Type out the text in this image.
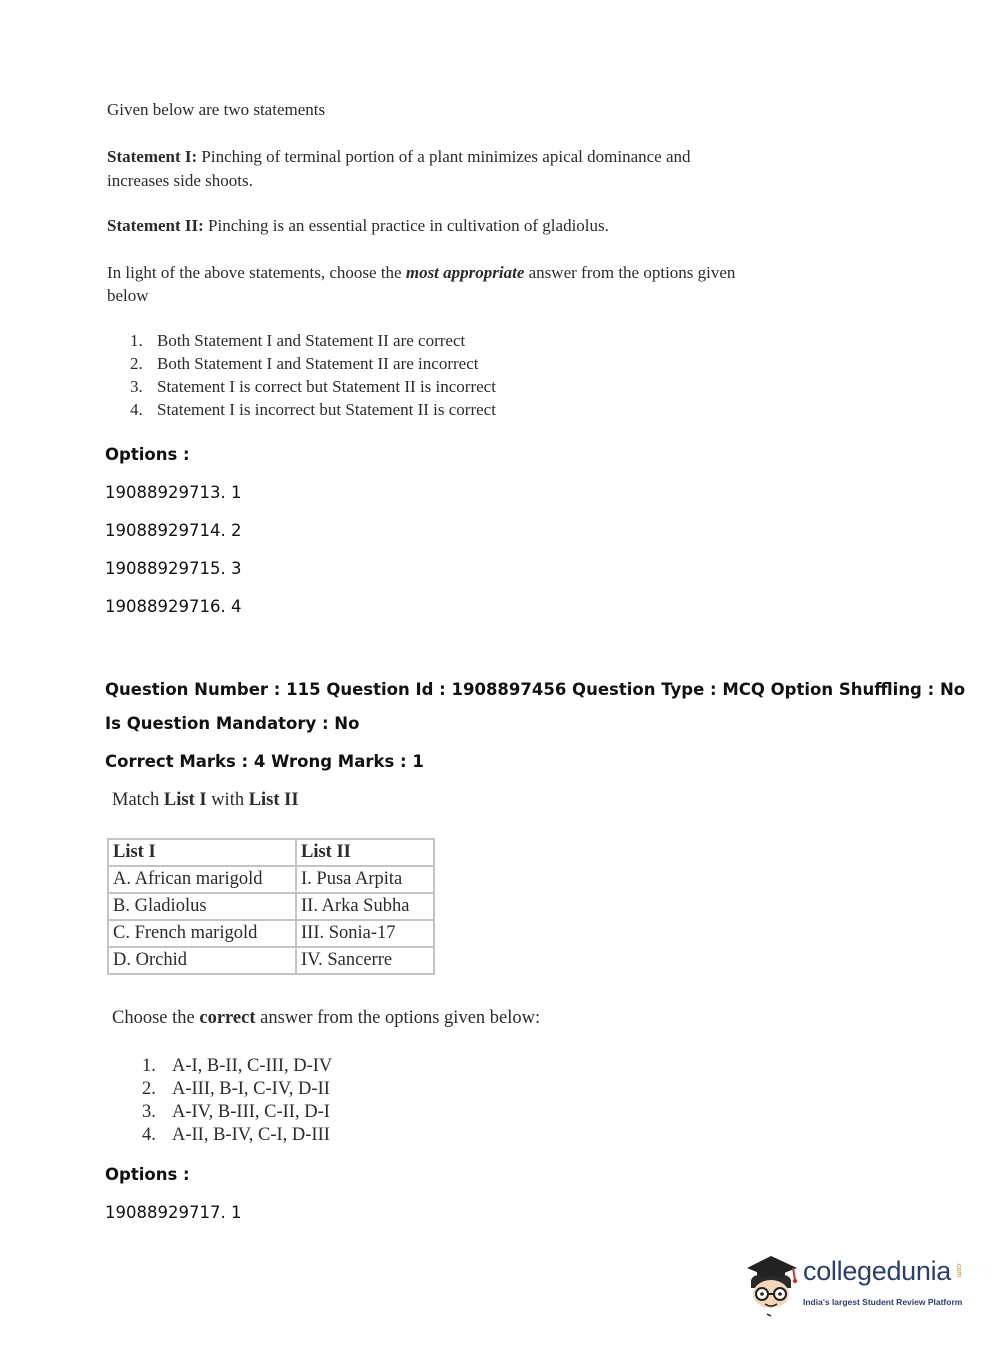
Given below are two statements
Statement I: Pinching of terminal portion of a plant minimizes apical dominance and increases side shoots.
Statement II: Pinching is an essential practice in cultivation of gladiolus.
In light of the above statements, choose the most appropriate answer from the options given below
1. Both Statement I and Statement II are correct
2. Both Statement I and Statement II are incorrect
3. Statement I is correct but Statement II is incorrect
4. Statement I is incorrect but Statement II is correct
Options :
19088929713. 1
19088929714. 2
19088929715. 3
19088929716. 4
Question Number : 115 Question Id : 1908897456 Question Type : MCQ Option Shuffling : No
Is Question Mandatory : No
Correct Marks : 4 Wrong Marks : 1
Match List I with List II
List I	List II
A. African marigold	I. Pusa Arpita
B. Gladiolus	II. Arka Subha
C. French marigold	III. Sonia-17
D. Orchid	IV. Sancerre
Choose the correct answer from the options given below:
1. A-I, B-II, C-III, D-IV
2. A-III, B-I, C-IV, D-II
3. A-IV, B-III, C-II, D-I
4. A-II, B-IV, C-I, D-III
Options :
19088929717. 1
collegedunia .com
India's largest Student Review Platform
